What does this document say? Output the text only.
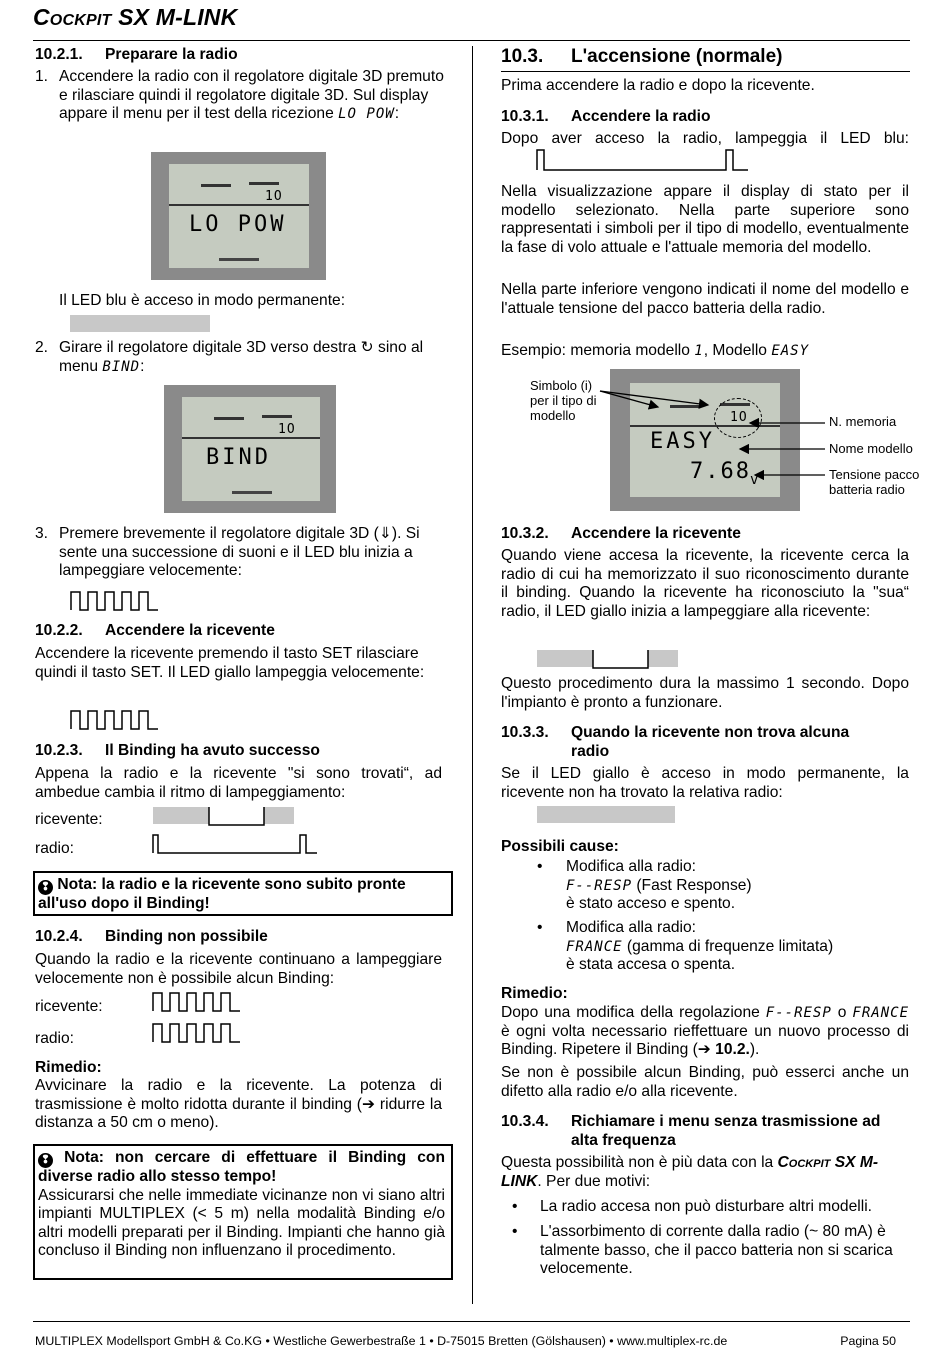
Cockpit SX M-LINK
10.2.1. Preparare la radio
1. Accendere la radio con il regolatore digitale 3D premuto e rilasciare quindi il regolatore digitale 3D. Sul display appare il menu per il test della ricezione LO POW:
1O
LO POW
Il LED blu è acceso in modo permanente:
2. Girare il regolatore digitale 3D verso destra ↻ sino al menu BIND:
1O
BIND
3. Premere brevemente il regolatore digitale 3D (⇓). Si sente una successione di suoni e il LED blu inizia a lampeggiare velocemente:
10.2.2. Accendere la ricevente
Accendere la ricevente premendo il tasto SET rilasciare quindi il tasto SET. Il LED giallo lampeggia velocemente:
10.2.3. Il Binding ha avuto successo
Appena la radio e la ricevente "si sono trovati“, ad ambedue cambia il ritmo di lampeggiamento:
ricevente:
radio:
❢ Nota: la radio e la ricevente sono subito pronte all'uso dopo il Binding!
10.2.4. Binding non possibile
Quando la radio e la ricevente continuano a lampeggiare velocemente non è possibile alcun Binding:
ricevente:
radio:
Rimedio:
Avvicinare la radio e la ricevente. La potenza di trasmissione è molto ridotta durante il binding (➔ ridurre la distanza a 50 cm o meno).
❢ Nota: non cercare di effettuare il Binding con diverse radio allo stesso tempo!
Assicurarsi che nelle immediate vicinanze non vi siano altri impianti MULTIPLEX (< 5 m) nella modalità Binding e/o altri modelli preparati per il Binding. Impianti che hanno già concluso il Binding non influenzano il procedimento.
10.3. L'accensione (normale)
Prima accendere la radio e dopo la ricevente.
10.3.1. Accendere la radio
Dopo aver acceso la radio, lampeggia il LED blu:
Nella visualizzazione appare il display di stato per il modello selezionato. Nella parte superiore sono rappresentati i simboli per il tipo di modello, eventualmente la fase di volo attuale e l'attuale memoria del modello.
Nella parte inferiore vengono indicati il nome del modello e l'attuale tensione del pacco batteria della radio.
Esempio: memoria modello 1, Modello EASY
1O
EASY
7.68 v
Simbolo (i) per il tipo di modello	N. memoria
Nome modello
Tensione pacco batteria radio
10.3.2. Accendere la ricevente
Quando viene accesa la ricevente, la ricevente cerca la radio di cui ha memorizzato il suo riconoscimento durante il binding. Quando la ricevente ha riconosciuto la "sua“ radio, il LED giallo inizia a lampeggiare alla ricevente:
Questo procedimento dura la massimo 1 secondo. Dopo l'impianto è pronto a funzionare.
10.3.3. Quando la ricevente non trova alcuna
radio
Se il LED giallo è acceso in modo permanente, la ricevente non ha trovato la relativa radio:
Possibili cause:
• Modifica alla radio:
F--RESP (Fast Response)
è stato acceso e spento.
• Modifica alla radio:
FRANCE (gamma di frequenze limitata)
è stata accesa o spenta.
Rimedio:
Dopo una modifica della regolazione F--RESP o FRANCE è ogni volta necessario rieffettuare un nuovo processo di Binding. Ripetere il Binding (➔ 10.2.).
Se non è possibile alcun Binding, può esserci anche un difetto alla radio e/o alla ricevente.
10.3.4. Richiamare i menu senza trasmissione ad
alta frequenza
Questa possibilità non è più data con la Cockpit SX M-LINK. Per due motivi:
• La radio accesa non può disturbare altri modelli.
• L'assorbimento di corrente dalla radio (~ 80 mA) è talmente basso, che il pacco batteria non si scarica velocemente.
MULTIPLEX Modellsport GmbH & Co.KG • Westliche Gewerbestraße 1 • D-75015 Bretten (Gölshausen) • www.multiplex-rc.de	Pagina 50
